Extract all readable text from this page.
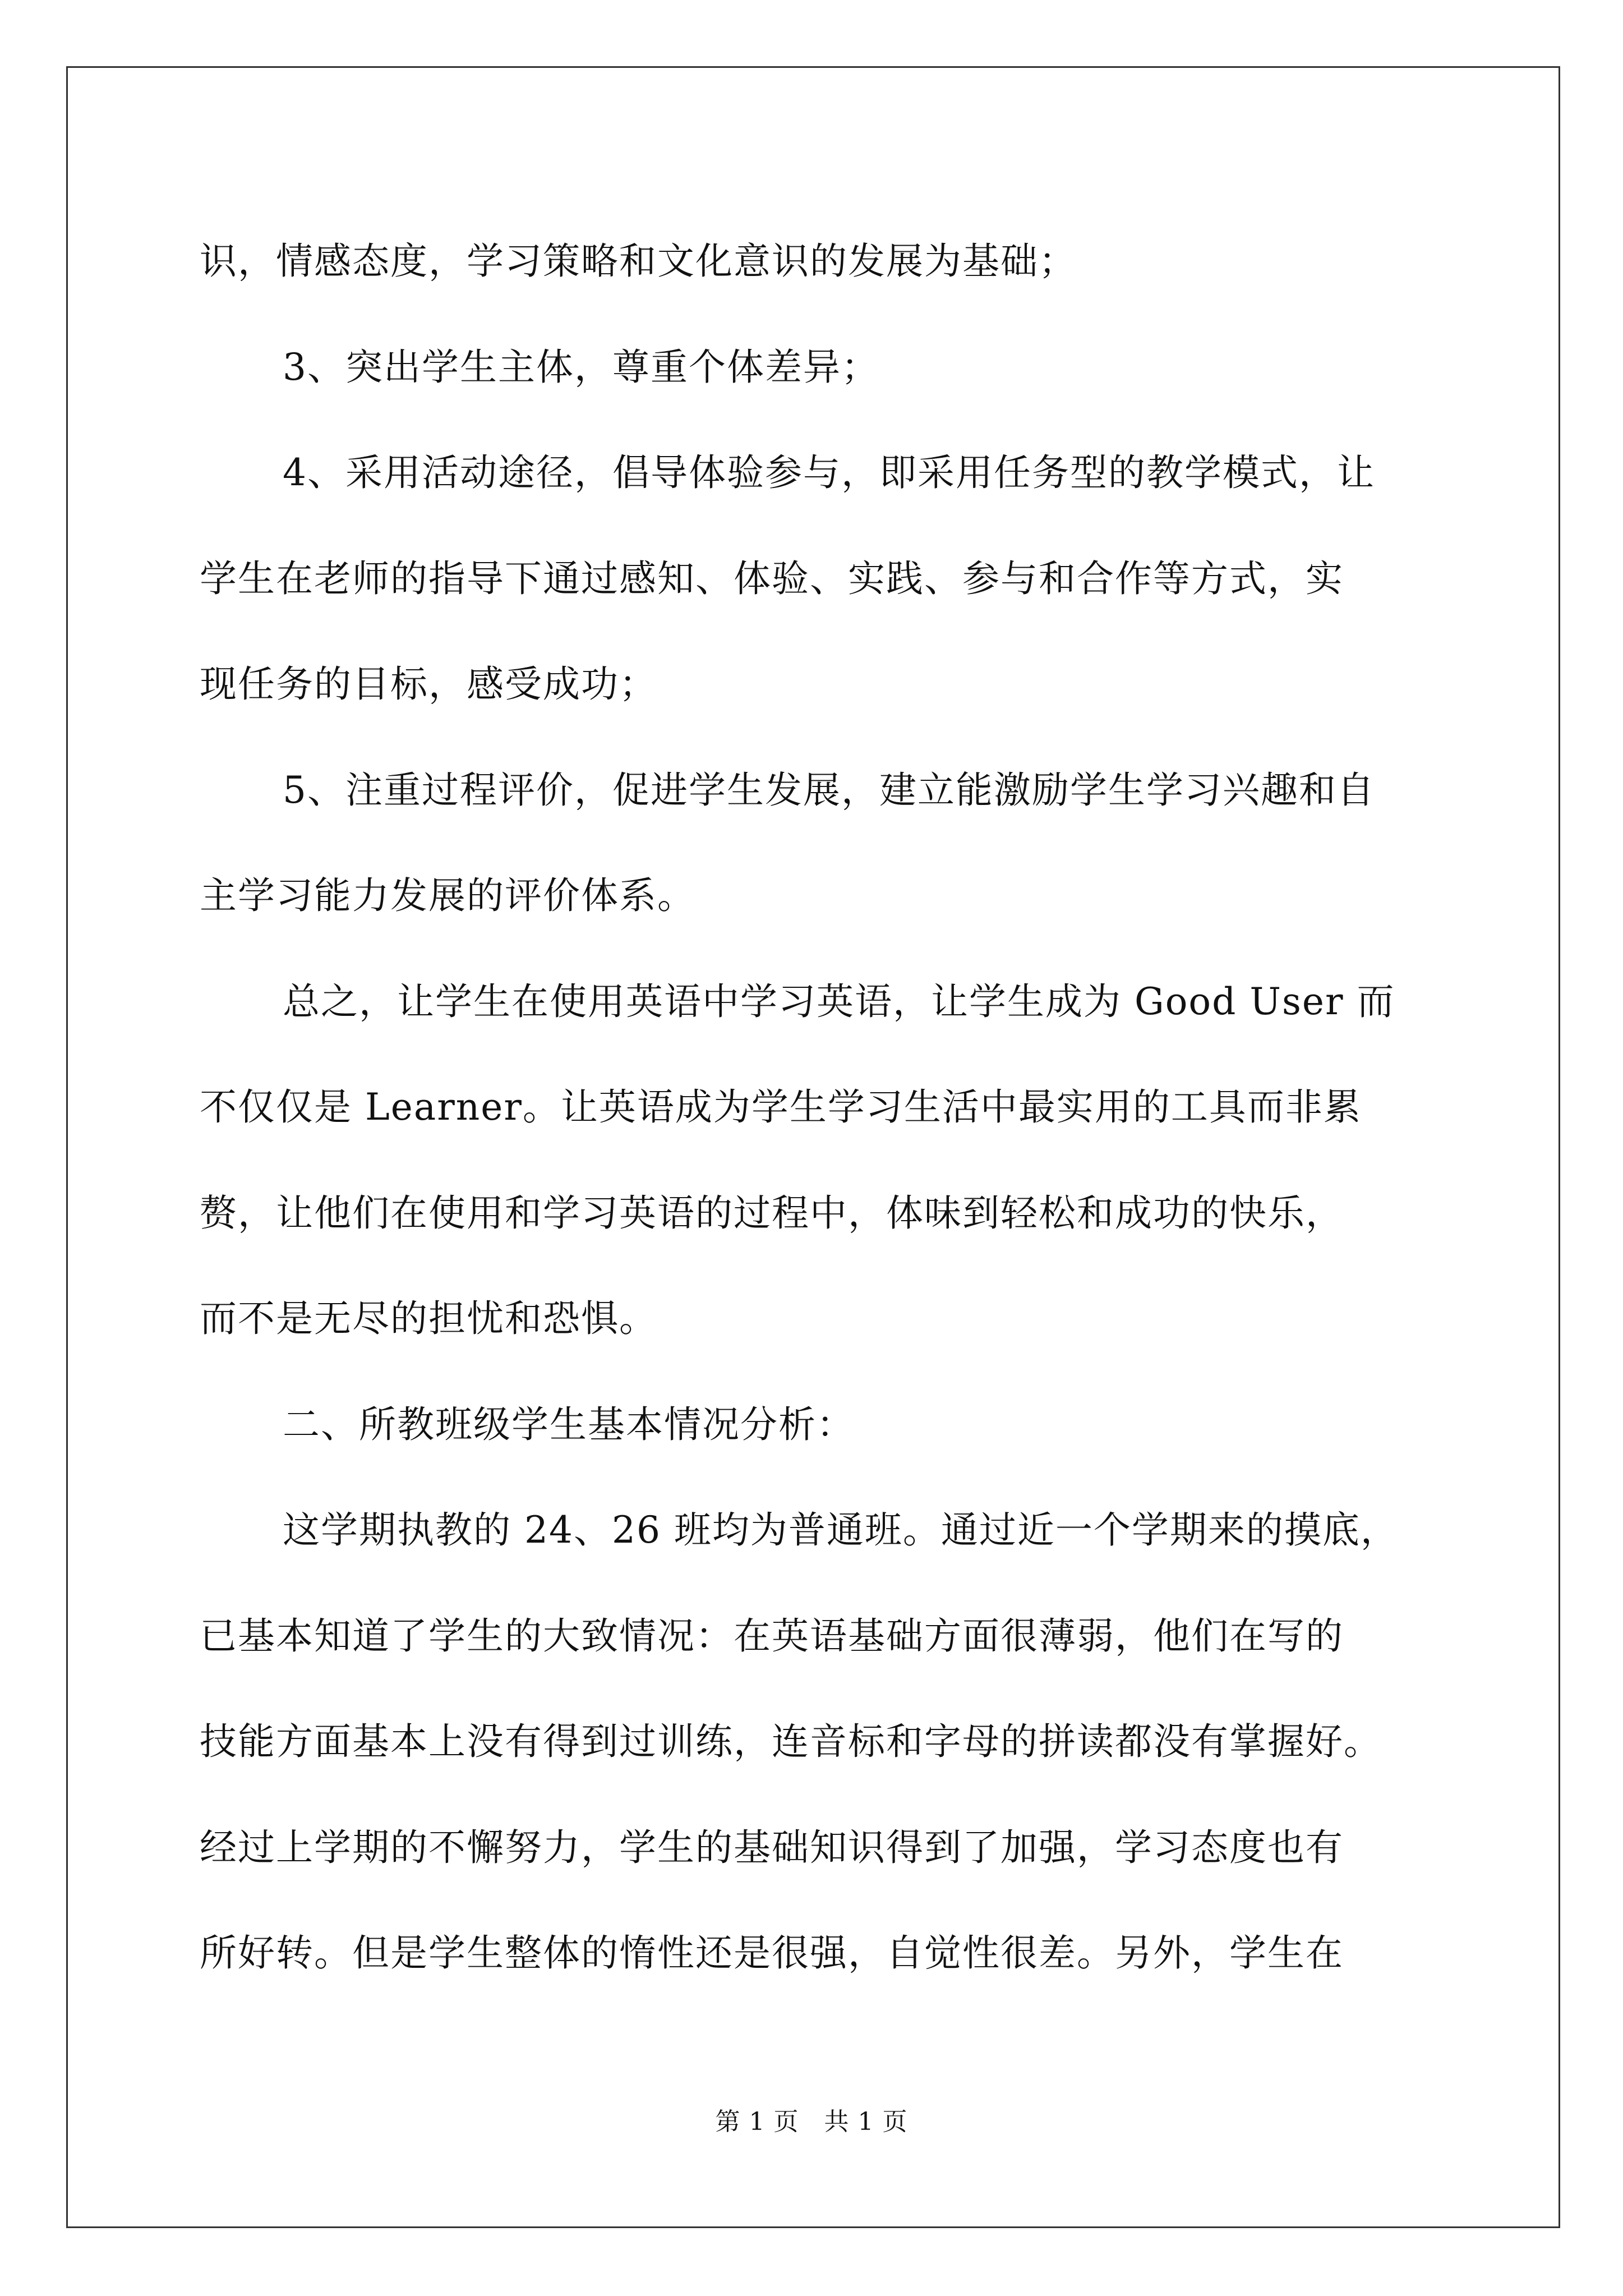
识，情感态度，学习策略和文化意识的发展为基础；
3、突出学生主体，尊重个体差异；
4、采用活动途径，倡导体验参与，即采用任务型的教学模式，让
学生在老师的指导下通过感知、体验、实践、参与和合作等方式，实
现任务的目标，感受成功；
5、注重过程评价，促进学生发展，建立能激励学生学习兴趣和自
主学习能力发展的评价体系。
总之，让学生在使用英语中学习英语，让学生成为 Good User 而
不仅仅是 Learner。让英语成为学生学习生活中最实用的工具而非累
赘，让他们在使用和学习英语的过程中，体味到轻松和成功的快乐，
而不是无尽的担忧和恐惧。
二、所教班级学生基本情况分析：
这学期执教的 24、26 班均为普通班。通过近一个学期来的摸底，
已基本知道了学生的大致情况：在英语基础方面很薄弱，他们在写的
技能方面基本上没有得到过训练，连音标和字母的拼读都没有掌握好。
经过上学期的不懈努力，学生的基础知识得到了加强，学习态度也有
所好转。但是学生整体的惰性还是很强，自觉性很差。另外，学生在
第 1 页　共 1 页
